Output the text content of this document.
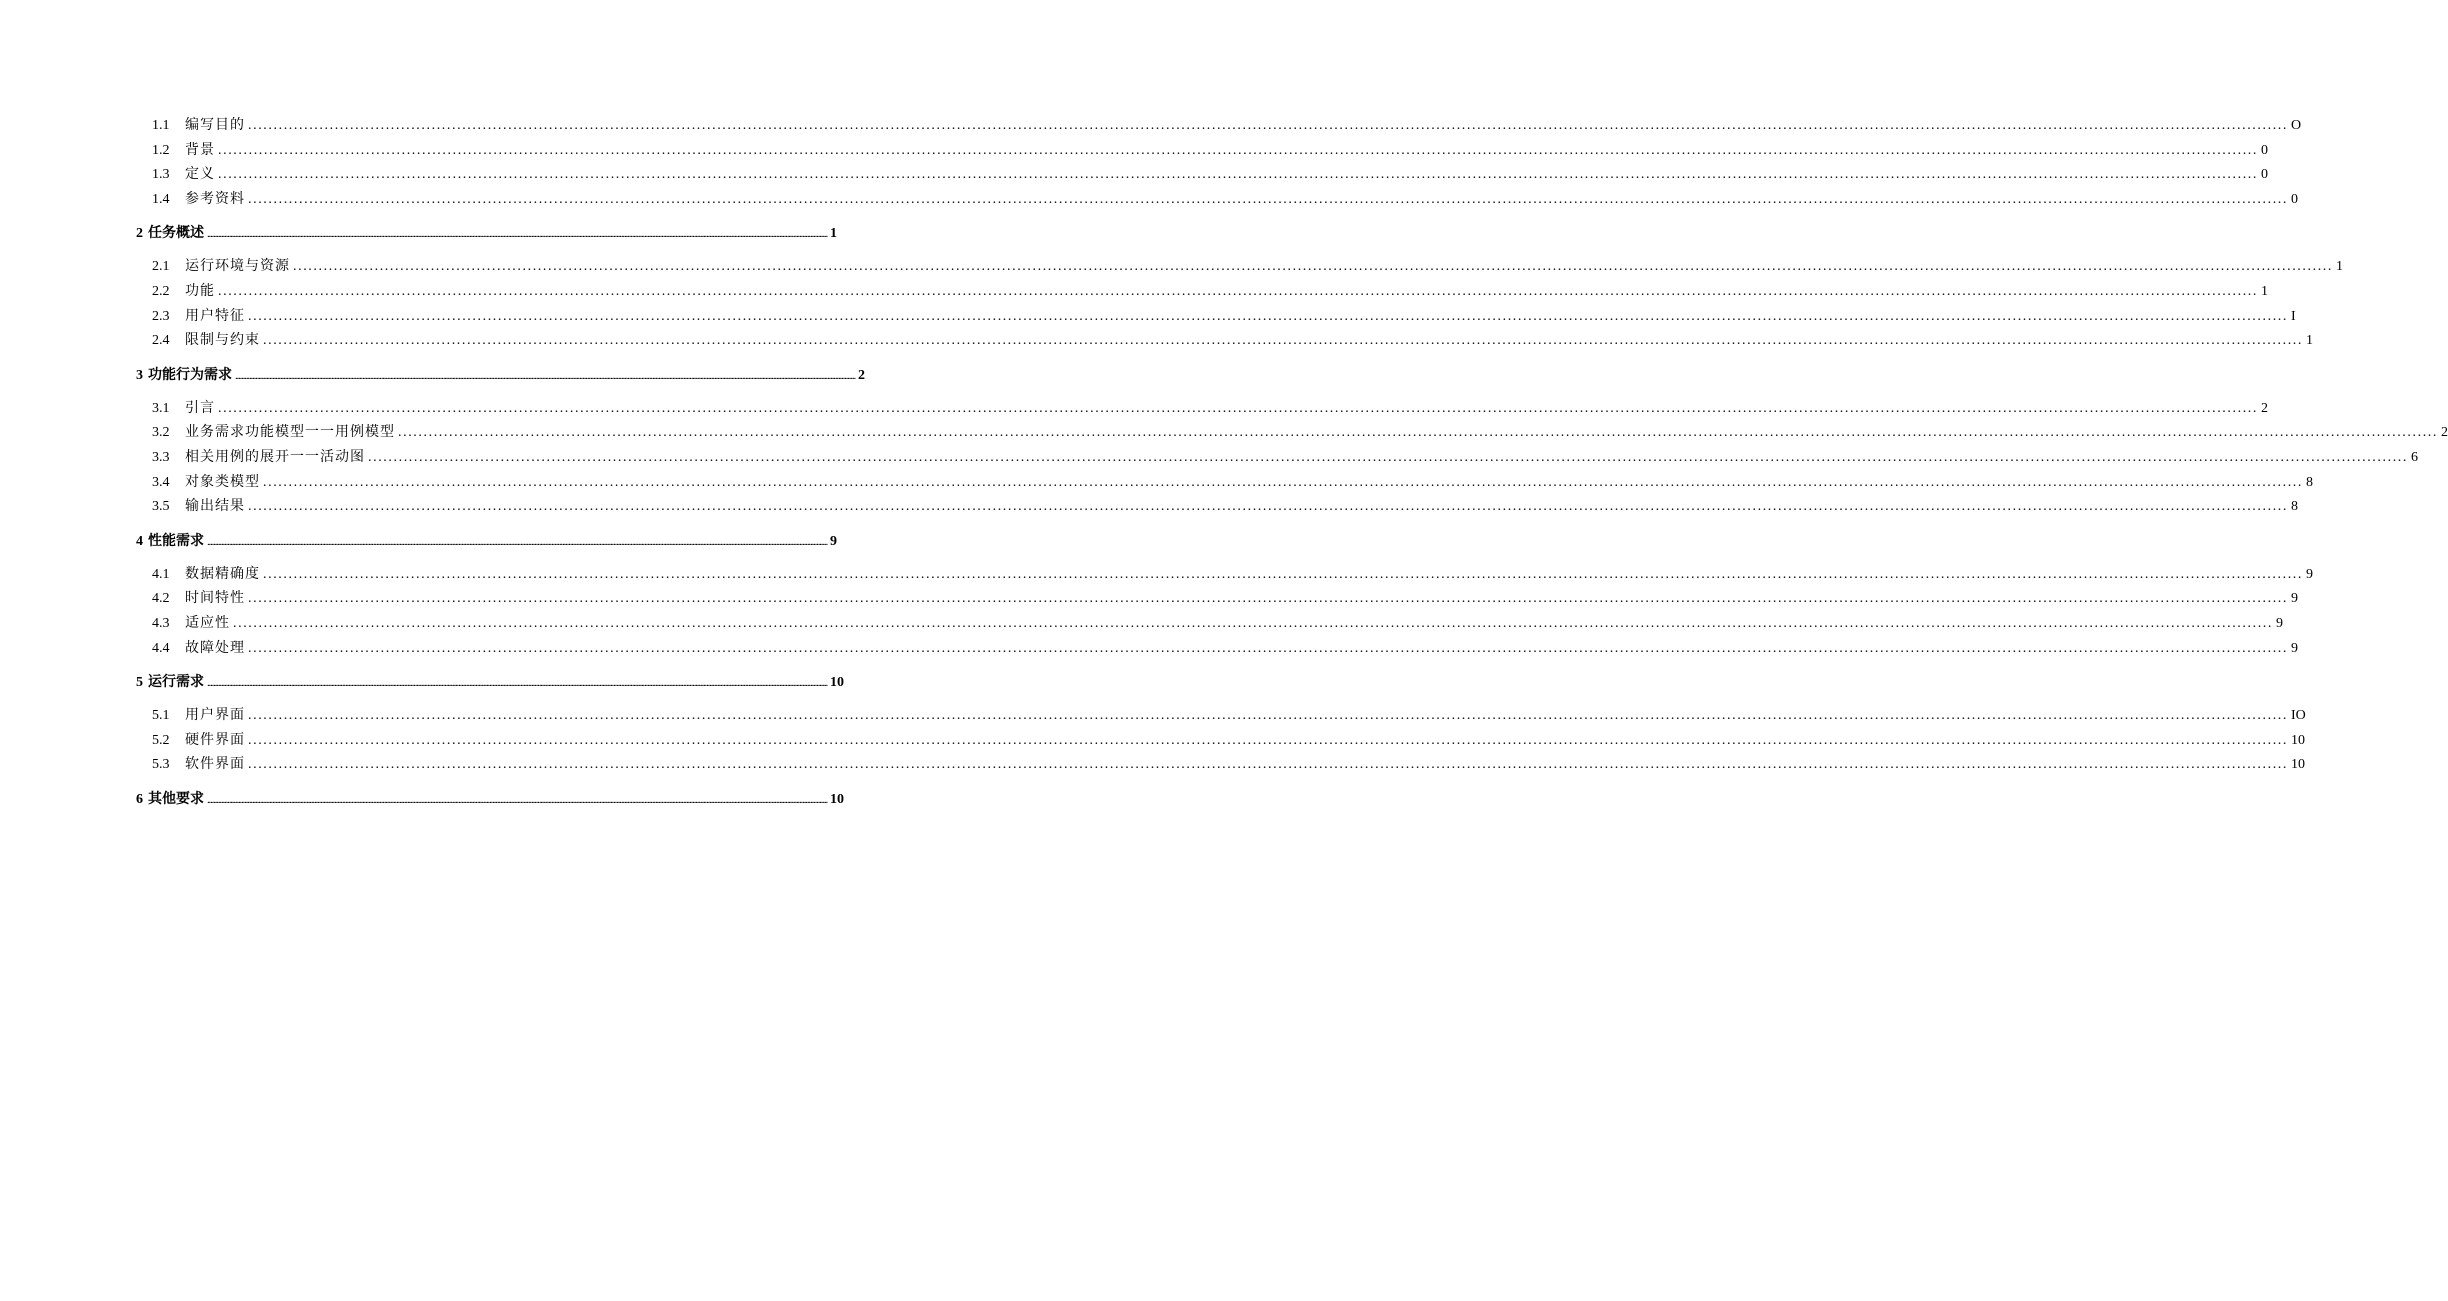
1.1	编写目的 ................................................................................................................................................................................................................................................................................................................................................................................................................ O
1.2	背景 ................................................................................................................................................................................................................................................................................................................................................................................................................ 0
1.3	定义 ................................................................................................................................................................................................................................................................................................................................................................................................................ 0
1.4	参考资料 ................................................................................................................................................................................................................................................................................................................................................................................................................ 0
2 任务概述 ................................................................................................................................................................................................................................................................................................................................................................................................................ 1
2.1	运行环境与资源 ................................................................................................................................................................................................................................................................................................................................................................................................................ 1
2.2	功能 ................................................................................................................................................................................................................................................................................................................................................................................................................ 1
2.3	用户特征 ................................................................................................................................................................................................................................................................................................................................................................................................................ I
2.4	限制与约束 ................................................................................................................................................................................................................................................................................................................................................................................................................ 1
3 功能行为需求 ................................................................................................................................................................................................................................................................................................................................................................................................................ 2
3.1	引言 ................................................................................................................................................................................................................................................................................................................................................................................................................ 2
3.2	业务需求功能模型一一用例模型 ................................................................................................................................................................................................................................................................................................................................................................................................................ 2
3.3	相关用例的展开一一活动图 ................................................................................................................................................................................................................................................................................................................................................................................................................ 6
3.4	对象类模型 ................................................................................................................................................................................................................................................................................................................................................................................................................ 8
3.5	输出结果 ................................................................................................................................................................................................................................................................................................................................................................................................................ 8
4 性能需求 ................................................................................................................................................................................................................................................................................................................................................................................................................ 9
4.1	数据精确度 ................................................................................................................................................................................................................................................................................................................................................................................................................ 9
4.2	时间特性 ................................................................................................................................................................................................................................................................................................................................................................................................................ 9
4.3	适应性 ................................................................................................................................................................................................................................................................................................................................................................................................................ 9
4.4	故障处理 ................................................................................................................................................................................................................................................................................................................................................................................................................ 9
5 运行需求 ................................................................................................................................................................................................................................................................................................................................................................................................................ 10
5.1	用户界面 ................................................................................................................................................................................................................................................................................................................................................................................................................ IO
5.2	硬件界面 ................................................................................................................................................................................................................................................................................................................................................................................................................ 10
5.3	软件界面 ................................................................................................................................................................................................................................................................................................................................................................................................................ 10
6 其他要求 ................................................................................................................................................................................................................................................................................................................................................................................................................ 10
